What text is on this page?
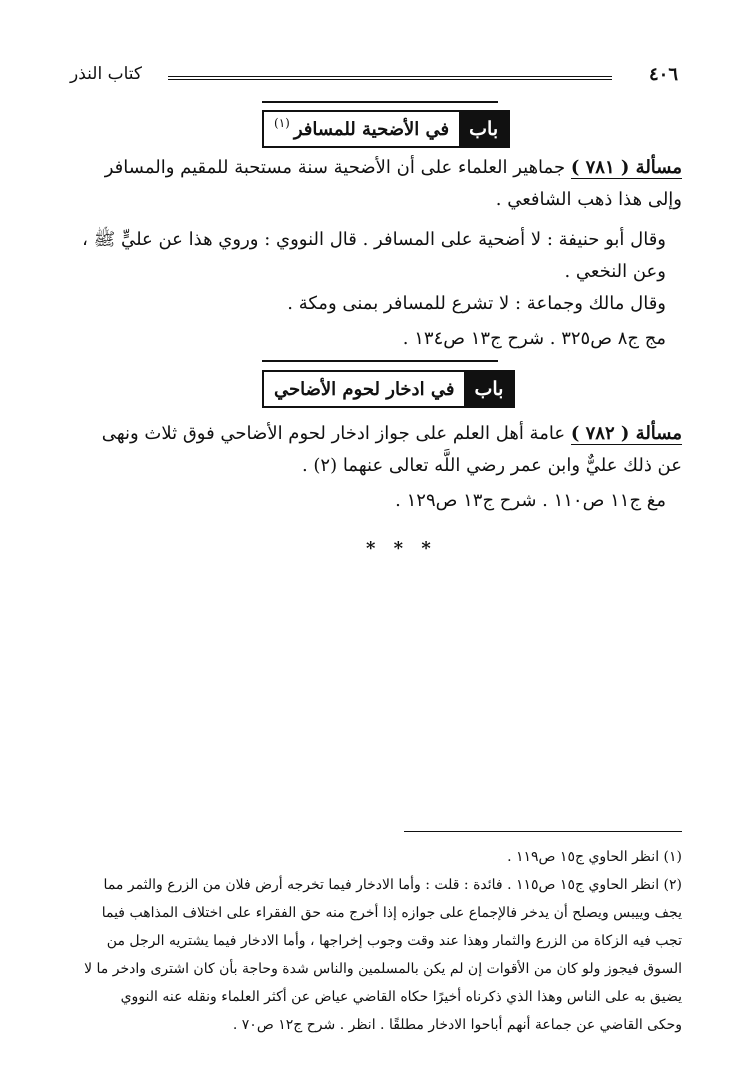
٤٠٦
كتاب النذر
باب
في الأضحية للمسافر
(١)
مسألة ( ٧٨١ ) جماهير العلماء على أن الأضحية سنة مستحبة للمقيم والمسافر وإلى هذا ذهب الشافعي .
وقال أبو حنيفة : لا أضحية على المسافر . قال النووي : وروي هذا عن عليٍّ ﷺ ، وعن النخعي .
وقال مالك وجماعة : لا تشرع للمسافر بمنى ومكة .
مج ج٨ ص٣٢٥ . شرح ج١٣ ص١٣٤ .
باب
في ادخار لحوم الأضاحي
مسألة ( ٧٨٢ ) عامة أهل العلم على جواز ادخار لحوم الأضاحي فوق ثلاث ونهى عن ذلك عليٌّ وابن عمر رضي اللَّه تعالى عنهما (٢) .
مغ ج١١ ص١١٠ . شرح ج١٣ ص١٢٩ .
* * *
(١) انظر الحاوي ج١٥ ص١١٩ .
(٢) انظر الحاوي ج١٥ ص١١٥ . فائدة : قلت : وأما الادخار فيما تخرجه أرض فلان من الزرع والثمر مما يجف وييبس ويصلح أن يدخر فالإجماع على جوازه إذا أخرج منه حق الفقراء على اختلاف المذاهب فيما تجب فيه الزكاة من الزرع والثمار وهذا عند وقت وجوب إخراجها ، وأما الادخار فيما يشتريه الرجل من السوق فيجوز ولو كان من الأقوات إن لم يكن بالمسلمين والناس شدة وحاجة بأن كان اشترى وادخر ما لا يضيق به على الناس وهذا الذي ذكرناه أخيرًا حكاه القاضي عياض عن أكثر العلماء ونقله عنه النووي وحكى القاضي عن جماعة أنهم أباحوا الادخار مطلقًا . انظر . شرح ج١٢ ص٧٠ .
